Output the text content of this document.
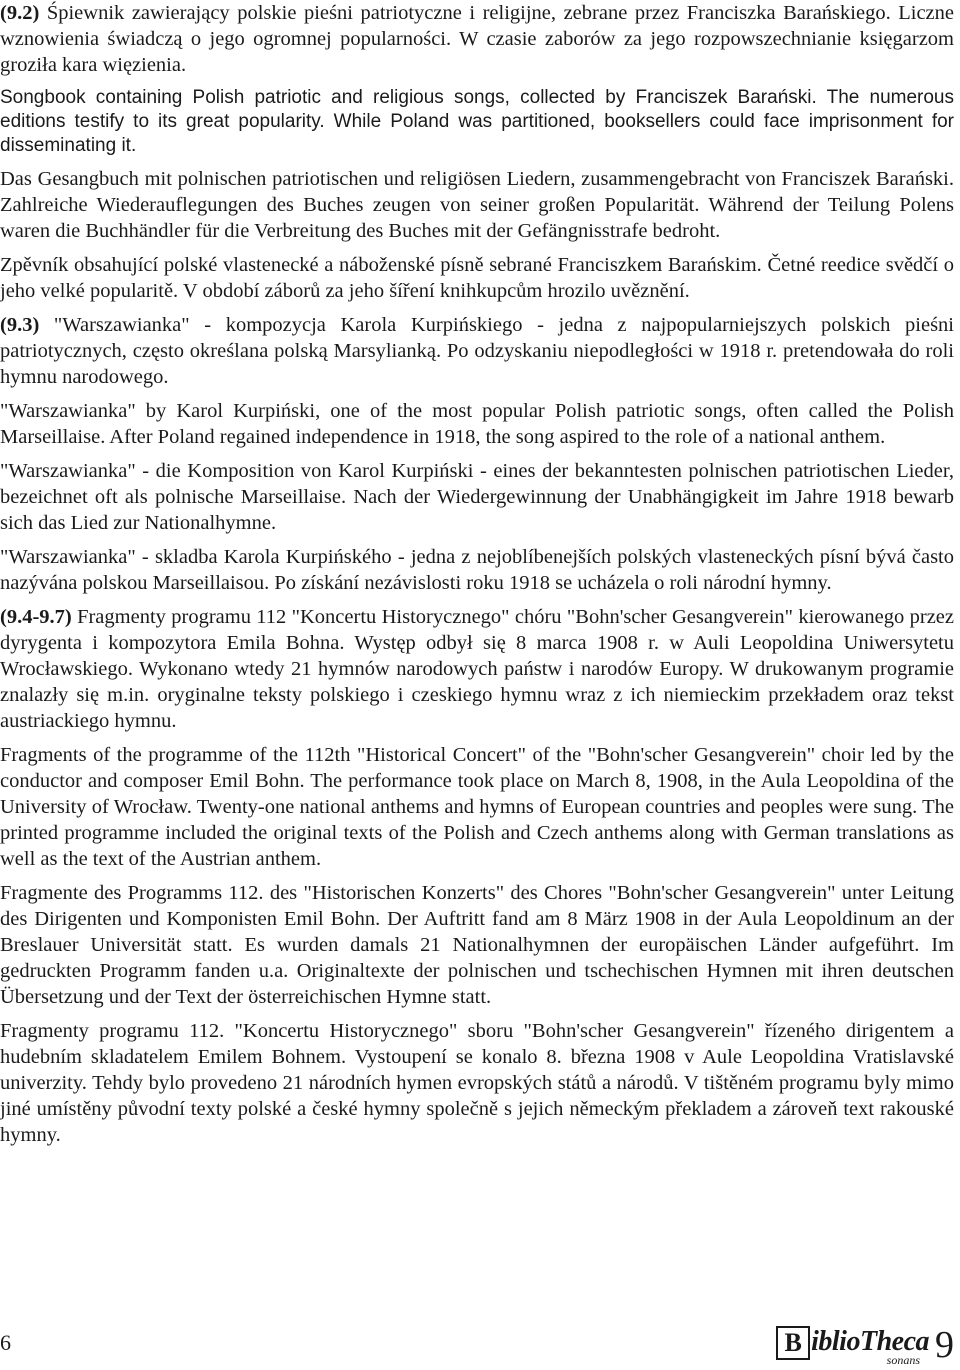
(9.2) Śpiewnik zawierający polskie pieśni patriotyczne i religijne, zebrane przez Franciszka Barańskiego. Liczne wznowienia świadczą o jego ogromnej popularności. W czasie zaborów za jego rozpowszechnianie księgarzom groziła kara więzienia.

Songbook containing Polish patriotic and religious songs, collected by Franciszek Barański. The numerous editions testify to its great popularity. While Poland was partitioned, booksellers could face imprisonment for disseminating it.

Das Gesangbuch mit polnischen patriotischen und religiösen Liedern, zusammengebracht von Franciszek Barański. Zahlreiche Wiederauflegungen des Buches zeugen von seiner großen Popularität. Während der Teilung Polens waren die Buchhändler für die Verbreitung des Buches mit der Gefängnisstrafe bedroht.

Zpěvník obsahující polské vlastenecké a náboženské písně sebrané Franciszkem Barańskim. Četné reedice svědčí o jeho velké popularitě. V období záborů za jeho šíření knihkupcům hrozilo uvěznění.

(9.3) "Warszawianka" - kompozycja Karola Kurpińskiego - jedna z najpopularniejszych polskich pieśni patriotycznych, często określana polską Marsylianką. Po odzyskaniu niepodległości w 1918 r. pretendowała do roli hymnu narodowego.

"Warszawianka" by Karol Kurpiński, one of the most popular Polish patriotic songs, often called the Polish Marseillaise. After Poland regained independence in 1918, the song aspired to the role of a national anthem.

"Warszawianka" - die Komposition von Karol Kurpiński - eines der bekanntesten polnischen patriotischen Lieder, bezeichnet oft als polnische Marseillaise. Nach der Wiedergewinnung der Unabhängigkeit im Jahre 1918 bewarb sich das Lied zur Nationalhymne.

"Warszawianka" - skladba Karola Kurpińského - jedna z nejoblíbenejších polských vlasteneckých písní bývá často nazývána polskou Marseillaisou. Po získání nezávislosti roku 1918 se ucházela o roli národní hymny.

(9.4-9.7) Fragmenty programu 112 "Koncertu Historycznego" chóru "Bohn'scher Gesangverein" kierowanego przez dyrygenta i kompozytora Emila Bohna. Występ odbył się 8 marca 1908 r. w Auli Leopoldina Uniwersytetu Wrocławskiego. Wykonano wtedy 21 hymnów narodowych państw i narodów Europy. W drukowanym programie znalazły się m.in. oryginalne teksty polskiego i czeskiego hymnu wraz z ich niemieckim przekładem oraz tekst austriackiego hymnu.

Fragments of the programme of the 112th "Historical Concert" of the "Bohn'scher Gesangverein" choir led by the conductor and composer Emil Bohn. The performance took place on March 8, 1908, in the Aula Leopoldina of the University of Wrocław. Twenty-one national anthems and hymns of European countries and peoples were sung. The printed programme included the original texts of the Polish and Czech anthems along with German translations as well as the text of the Austrian anthem.

Fragmente des Programms 112. des "Historischen Konzerts" des Chores "Bohn'scher Gesangverein" unter Leitung des Dirigenten und Komponisten Emil Bohn. Der Auftritt fand am 8 März 1908 in der Aula Leopoldinum an der Breslauer Universität statt. Es wurden damals 21 Nationalhymnen der europäischen Länder aufgeführt. Im gedruckten Programm fanden u.a. Originaltexte der polnischen und tschechischen Hymnen mit ihren deutschen Übersetzung und der Text der österreichischen Hymne statt.

Fragmenty programu 112. "Koncertu Historycznego" sboru "Bohn'scher Gesangverein" řízeného dirigentem a hudebním skladatelem Emilem Bohnem. Vystoupení se konalo 8. března 1908 v Aule Leopoldina Vratislavské univerzity. Tehdy bylo provedeno 21 národních hymen evropských států a národů. V tištěném programu byly mimo jiné umístěny původní texty polské a české hymny společně s jejich německým překladem a zároveň text rakouské hymny.

6	B iblioTheca 9
sonans
